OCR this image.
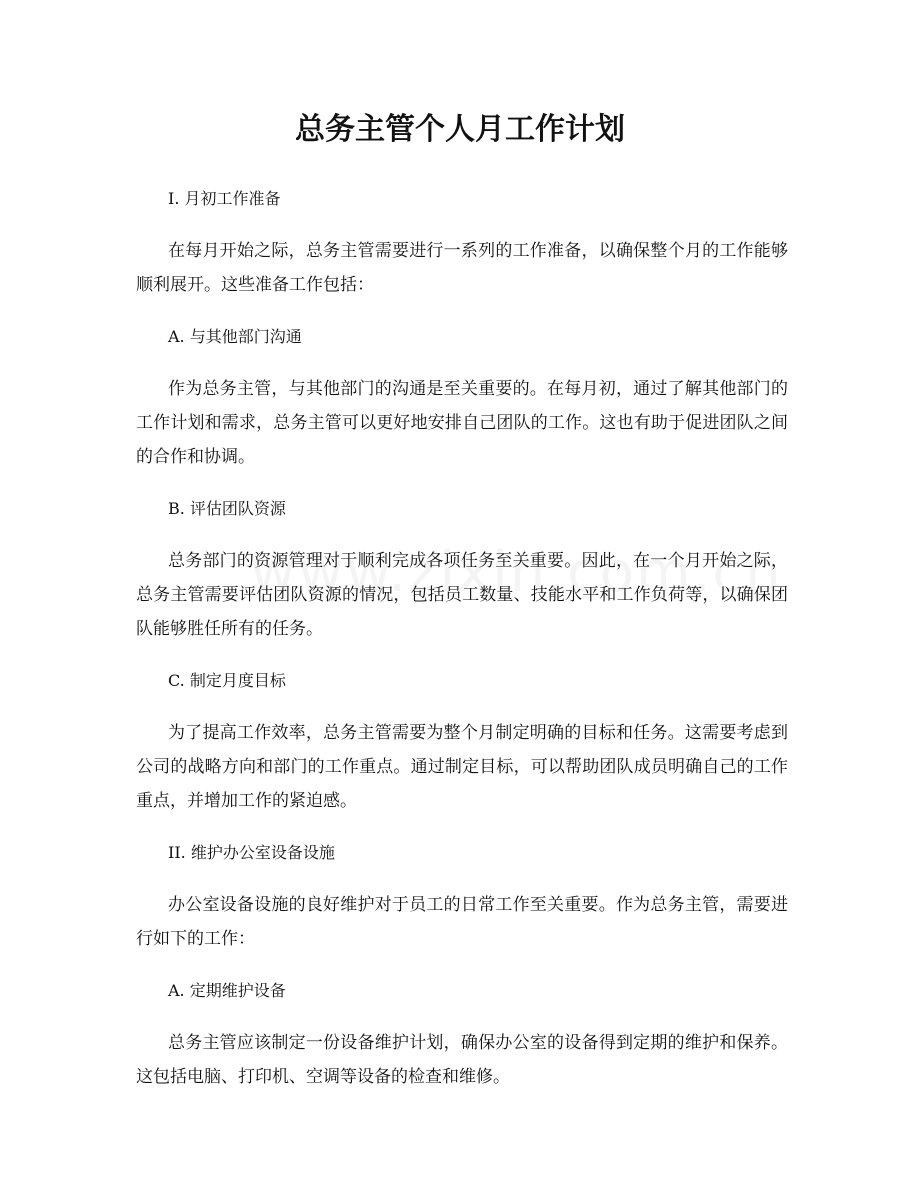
总务主管个人月工作计划

I. 月初工作准备

在每月开始之际，总务主管需要进行一系列的工作准备，以确保整个月的工作能够顺利展开。这些准备工作包括：

A. 与其他部门沟通

作为总务主管，与其他部门的沟通是至关重要的。在每月初，通过了解其他部门的工作计划和需求，总务主管可以更好地安排自己团队的工作。这也有助于促进团队之间的合作和协调。

B. 评估团队资源

总务部门的资源管理对于顺利完成各项任务至关重要。因此，在一个月开始之际，总务主管需要评估团队资源的情况，包括员工数量、技能水平和工作负荷等，以确保团队能够胜任所有的任务。

C. 制定月度目标

为了提高工作效率，总务主管需要为整个月制定明确的目标和任务。这需要考虑到公司的战略方向和部门的工作重点。通过制定目标，可以帮助团队成员明确自己的工作重点，并增加工作的紧迫感。

II. 维护办公室设备设施

办公室设备设施的良好维护对于员工的日常工作至关重要。作为总务主管，需要进行如下的工作：

A. 定期维护设备

总务主管应该制定一份设备维护计划，确保办公室的设备得到定期的维护和保养。这包括电脑、打印机、空调等设备的检查和维修。
